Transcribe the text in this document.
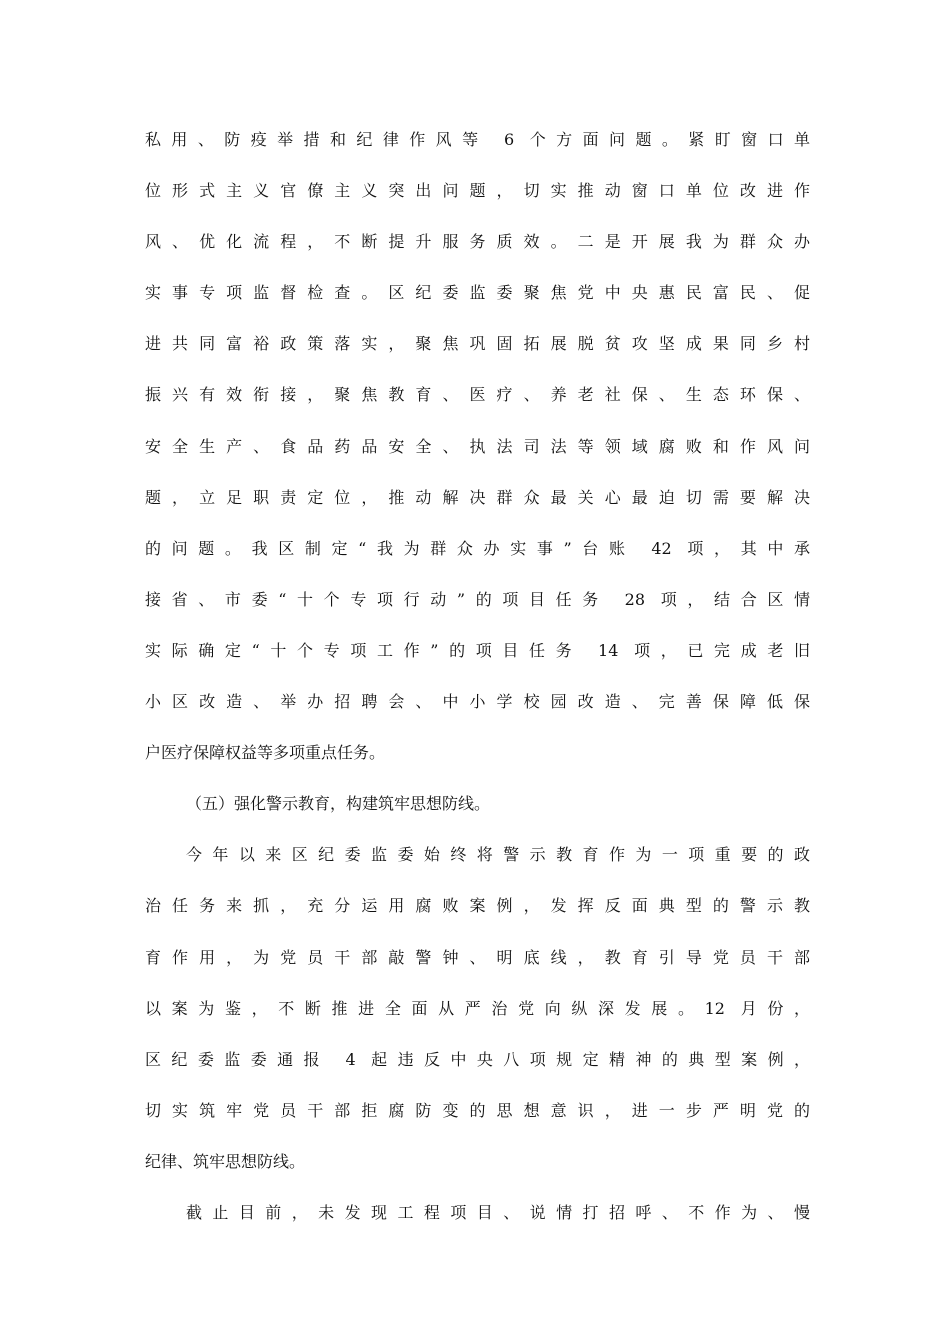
私用、防疫举措和纪律作风等 6 个方面问题。紧盯窗口单
位形式主义官僚主义突出问题，切实推动窗口单位改进作
风、优化流程，不断提升服务质效。二是开展我为群众办
实事专项监督检查。区纪委监委聚焦党中央惠民富民、促
进共同富裕政策落实，聚焦巩固拓展脱贫攻坚成果同乡村
振兴有效衔接，聚焦教育、医疗、养老社保、生态环保、
安全生产、食品药品安全、执法司法等领域腐败和作风问
题，立足职责定位，推动解决群众最关心最迫切需要解决
的问题。我区制定“我为群众办实事”台账 42 项，其中承
接省、市委“十个专项行动”的项目任务 28 项，结合区情
实际确定“十个专项工作”的项目任务 14 项，已完成老旧
小区改造、举办招聘会、中小学校园改造、完善保障低保
户医疗保障权益等多项重点任务。
（五）强化警示教育，构建筑牢思想防线。
今年以来区纪委监委始终将警示教育作为一项重要的政
治任务来抓，充分运用腐败案例，发挥反面典型的警示教
育作用，为党员干部敲警钟、明底线，教育引导党员干部
以案为鉴，不断推进全面从严治党向纵深发展。12 月份，
区纪委监委通报 4 起违反中央八项规定精神的典型案例，
切实筑牢党员干部拒腐防变的思想意识，进一步严明党的
纪律、筑牢思想防线。
截止目前，未发现工程项目、说情打招呼、不作为、慢
